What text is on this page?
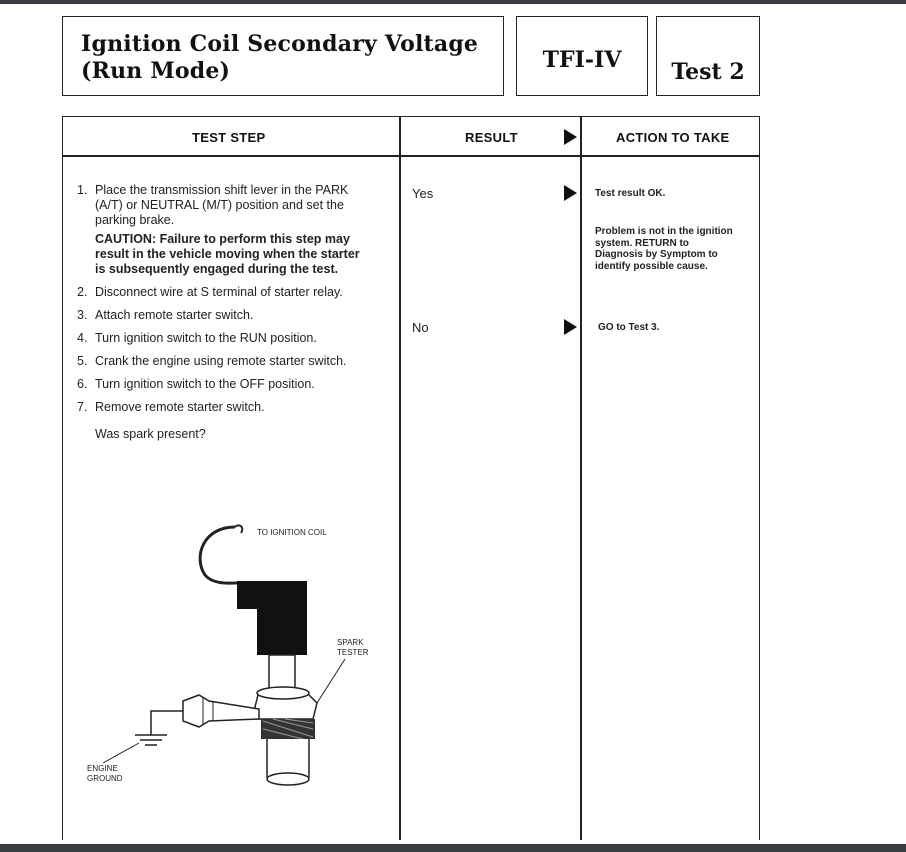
Ignition Coil Secondary Voltage
(Run Mode)	TFI-IV	Test 2
TEST STEP	RESULT	ACTION TO TAKE
1. Place the transmission shift lever in the PARK (A/T) or NEUTRAL (M/T) position and set the parking brake.
CAUTION: Failure to perform this step may result in the vehicle moving when the starter is subsequently engaged during the test.
2. Disconnect wire at S terminal of starter relay.
3. Attach remote starter switch.
4. Turn ignition switch to the RUN position.
5. Crank the engine using remote starter switch.
6. Turn ignition switch to the OFF position.
7. Remove remote starter switch.
Was spark present?
Yes	Test result OK.
Problem is not in the ignition system. RETURN to Diagnosis by Symptom to identify possible cause.
No	GO to Test 3.
TO IGNITION COIL
ENGINE
GROUND
SPARK
TESTER
